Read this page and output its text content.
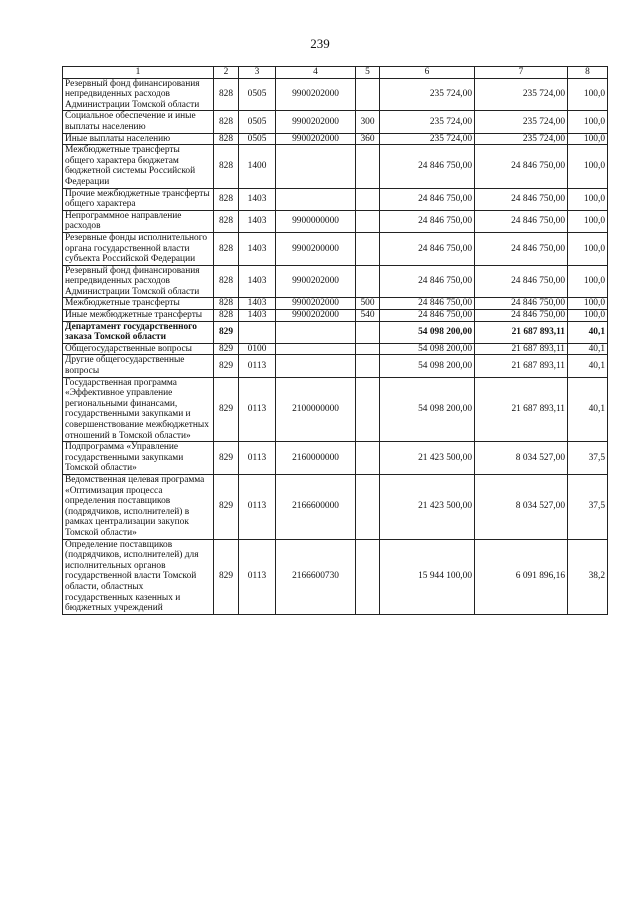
239
1	2	3	4	5	6	7	8
Резервный фонд финансирования непредвиденных расходов Администрации Томской области	828	0505	9900202000		235 724,00	235 724,00	100,0
Социальное обеспечение и иные выплаты населению	828	0505	9900202000	300	235 724,00	235 724,00	100,0
Иные выплаты населению	828	0505	9900202000	360	235 724,00	235 724,00	100,0
Межбюджетные трансферты общего характера бюджетам бюджетной системы Российской Федерации	828	1400			24 846 750,00	24 846 750,00	100,0
Прочие межбюджетные трансферты общего характера	828	1403			24 846 750,00	24 846 750,00	100,0
Непрограммное направление расходов	828	1403	9900000000		24 846 750,00	24 846 750,00	100,0
Резервные фонды исполнительного органа государственной власти субъекта Российской Федерации	828	1403	9900200000		24 846 750,00	24 846 750,00	100,0
Резервный фонд финансирования непредвиденных расходов Администрации Томской области	828	1403	9900202000		24 846 750,00	24 846 750,00	100,0
Межбюджетные трансферты	828	1403	9900202000	500	24 846 750,00	24 846 750,00	100,0
Иные межбюджетные трансферты	828	1403	9900202000	540	24 846 750,00	24 846 750,00	100,0
Департамент государственного заказа Томской области	829				54 098 200,00	21 687 893,11	40,1
Общегосударственные вопросы	829	0100			54 098 200,00	21 687 893,11	40,1
Другие общегосударственные вопросы	829	0113			54 098 200,00	21 687 893,11	40,1
Государственная программа «Эффективное управление региональными финансами, государственными закупками и совершенствование межбюджетных отношений в Томской области»	829	0113	2100000000		54 098 200,00	21 687 893,11	40,1
Подпрограмма «Управление государственными закупками Томской области»	829	0113	2160000000		21 423 500,00	8 034 527,00	37,5
Ведомственная целевая программа «Оптимизация процесса определения поставщиков (подрядчиков, исполнителей) в рамках централизации закупок Томской области»	829	0113	2166600000		21 423 500,00	8 034 527,00	37,5
Определение поставщиков (подрядчиков, исполнителей) для исполнительных органов государственной власти Томской области, областных государственных казенных и бюджетных учреждений	829	0113	2166600730		15 944 100,00	6 091 896,16	38,2
